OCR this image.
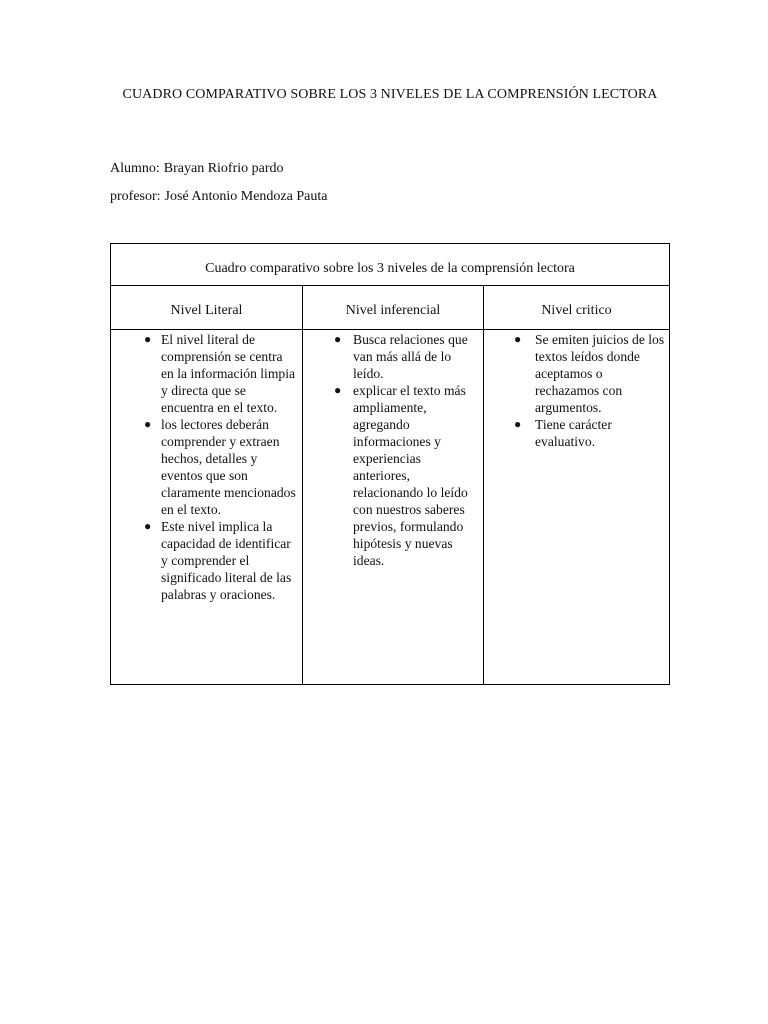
CUADRO COMPARATIVO SOBRE LOS 3 NIVELES DE LA COMPRENSIÓN LECTORA
Alumno: Brayan Riofrio pardo
profesor: José Antonio Mendoza Pauta
Cuadro comparativo sobre los 3 niveles de la comprensión lectora
Nivel Literal	Nivel inferencial	Nivel critico
● El nivel literal de comprensión se centra en la información limpia y directa que se encuentra en el texto.
● los lectores deberán comprender y extraen hechos, detalles y eventos que son claramente mencionados en el texto.
● Este nivel implica la capacidad de identificar y comprender el significado literal de las palabras y oraciones.
● Busca relaciones que van más allá de lo leído.
● explicar el texto más ampliamente, agregando informaciones y experiencias anteriores, relacionando lo leído con nuestros saberes previos, formulando hipótesis y nuevas ideas.
● Se emiten juicios de los textos leídos donde aceptamos o rechazamos con argumentos.
● Tiene carácter evaluativo.
